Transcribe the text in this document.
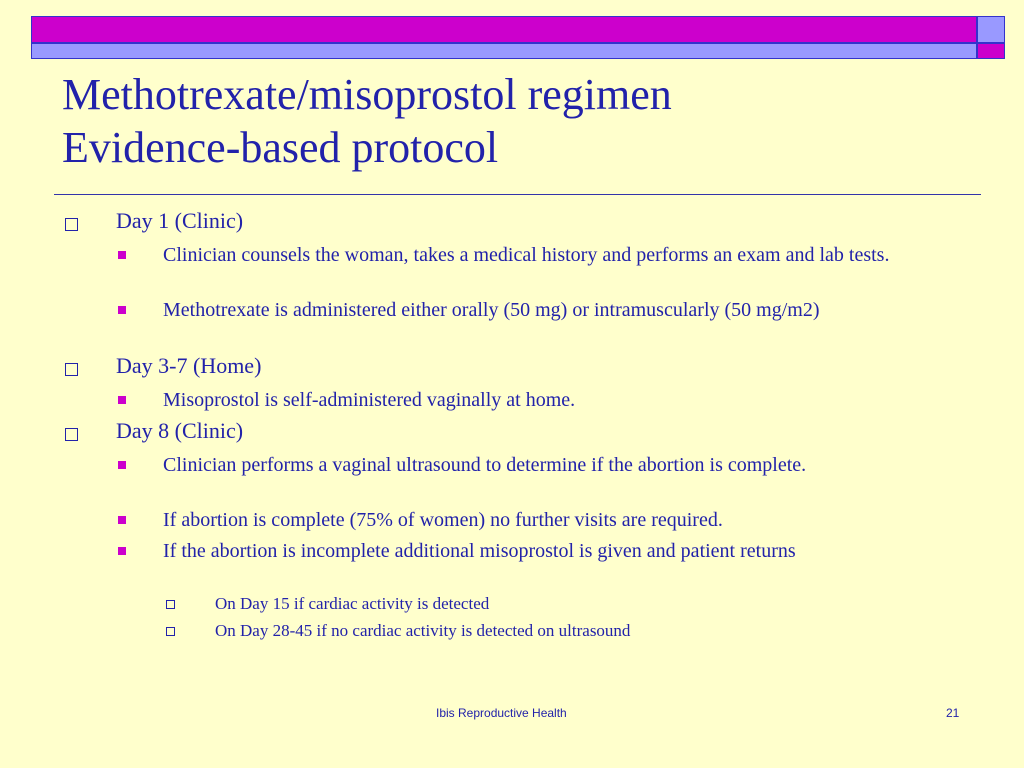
Methotrexate/misoprostol regimen
Evidence-based protocol
Day 1 (Clinic)
Clinician counsels the woman, takes a medical history and performs an exam and lab tests.
Methotrexate is administered either orally (50 mg) or intramuscularly (50 mg/m2)
Day 3-7 (Home)
Misoprostol is self-administered vaginally at home.
Day 8 (Clinic)
Clinician performs a vaginal ultrasound to determine if the abortion is complete.
If abortion is complete (75% of women) no further visits are required.
If the abortion is incomplete additional misoprostol is given and patient returns
On Day 15 if cardiac activity is detected
On Day 28-45 if no cardiac activity is detected on ultrasound
Ibis Reproductive Health	21
